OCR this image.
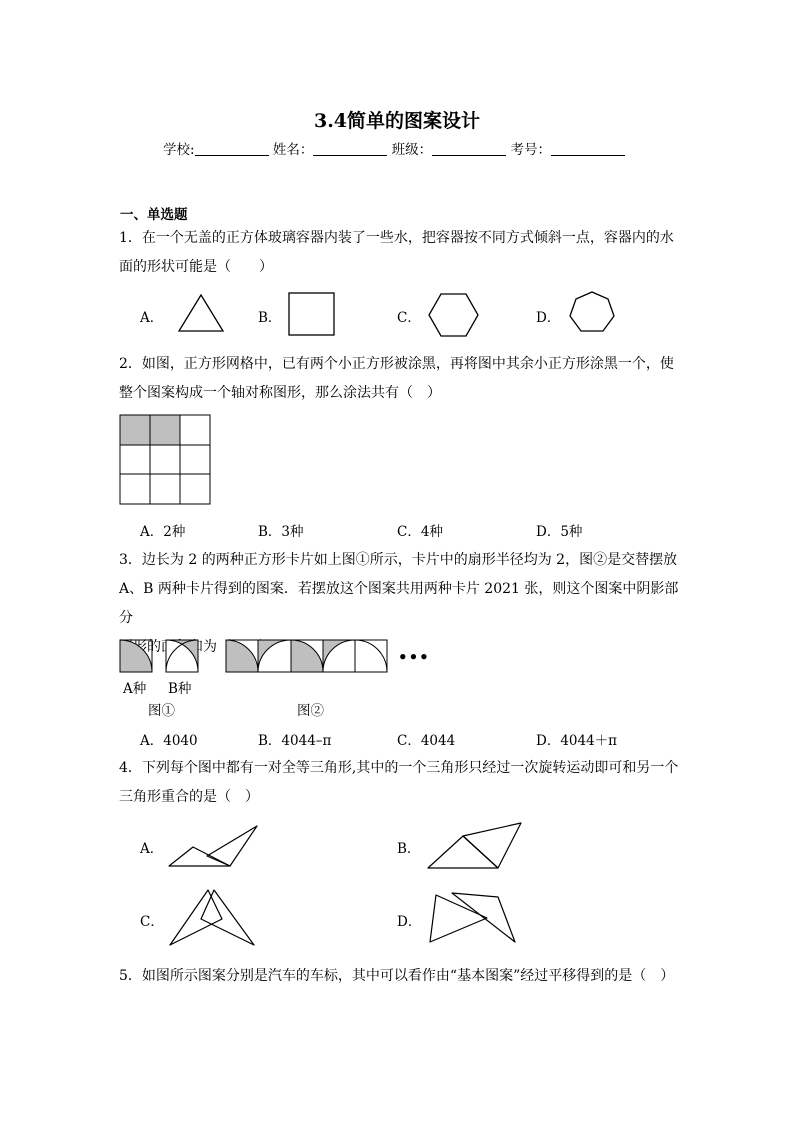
3.4简单的图案设计
学校:	姓名：	班级：	考号：
一、单选题
1．在一个无盖的正方体玻璃容器内装了一些水，把容器按不同方式倾斜一点，容器内的水
面的形状可能是（　　）
A．	B．	C．	D．
2．如图，正方形网格中，已有两个小正方形被涂黑，再将图中其余小正方形涂黑一个，使
整个图案构成一个轴对称图形，那么涂法共有（　）
A．2种	B．3种	C．4种	D．5种
3．边长为 2 的两种正方形卡片如上图①所示，卡片中的扇形半径均为 2，图②是交替摆放
A、B 两种卡片得到的图案．若摆放这个图案共用两种卡片 2021 张，则这个图案中阴影部分
•••
A种 B种
图①	图②
A．4040	B．4044–π	C．4044	D．4044＋π
4．下列每个图中都有一对全等三角形,其中的一个三角形只经过一次旋转运动即可和另一个
三角形重合的是（　）
A．	B．
C．	D．
5．如图所示图案分别是汽车的车标，其中可以看作由“基本图案”经过平移得到的是（　）
